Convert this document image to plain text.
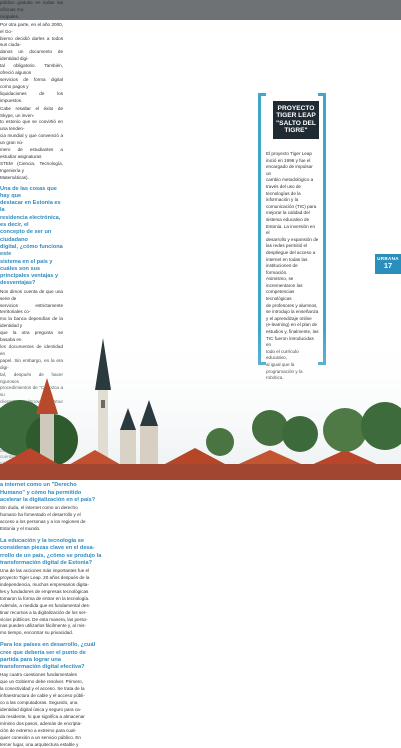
público gratuito en todas las oficinas mu-
nicipales.

Por otra parte, en el año 2000, el Go-
bierno decidió darles a todos sus ciuda-
danos un documento de identidad digi-
tal obligatorio. También, ofreció algunos
servicios de forma digital como pagos y
liquidaciones de los impuestos.

Cabe resaltar el éxito de Skype, un inven-
to estonio que se convirtió en una tenden-
cia mundial y que convenció a un gran nú-
mero de estudiantes a estudiar asignaturas
STEM (Ciencia, Tecnología, Ingeniería y
Matemáticas).

Una de las cosas que hay que
destacar en Estonia es la
residencia electrónica, es decir, el
concepto de ser un ciudadano
digital, ¿cómo funciona este
sistema en el país y cuáles son sus
principales ventajas y
desventajas?

Nos dimos cuenta de que una serie de
servicios estrictamente territoriales co-
mo la banca dependían de la identidad y

a internet como un "Derecho
Humano" y cómo ha permitido
acelerar la digitalización en el país?

Sin duda, el internet como un derecho
humano ha fomentado el desarrollo y el
acceso a los personas y a los regiones de
Estonia y el mundo.

La educación y la tecnología se
consideran piezas clave en el desa-
rrollo de un país, ¿cómo se produjo la
transformación digital de Estonia?

Una de las acciones más importantes fue el
proyecto Tiger Leap. 20 años después de la
independencia, muchos empresarios digita-
les y fundadores de empresas tecnológicas
tomaron la forma de entrar en la tecnología.
Además, a medida que es fundamental des-
tinar recursos a la digitalización de los ser-
vicios públicos. De esta manera, las perso-
nas pueden utilizarlos fácilmente y, al mis-
mo tiempo, encontrar su privacidad.

Para los países en desarrollo, ¿cuál
cree que debería ser el punto de
partida para lograr una
transformación digital efectiva?

Hay cuatro cuestiones fundamentales
que un Gobierno debe resolver. Primero,
la conectividad y el acceso. Se trata de la
infraestructura de cable y el acceso públi-
co a las computadoras. Segundo, una
identidad digital única y seguro para ca-
da residente, lo que significa a almacenar
mínimo dos pasos, además de encripta-
ción de extremo a extremo para cual-
quier conexión a un servicio público. En
tercer lugar, una arquitectura estable y

PROYECTO
TIGER LEAP
"SALTO DEL
TIGRE"
El proyecto Tiger Leap
inició en 1996 y fue el
encargado de impulsar un
cambio metodológico a
través del uso de
tecnologías de la
información y la
comunicación (TIC) para
mejorar la calidad del
sistema educativo de
Estonia. La inversión en el
desarrollo y expansión de
las redes permitió el
despliegue del acceso a
internet en todas las
instituciones de formación.
Asimismo, se
incrementaron las
competencias tecnológicas
de profesores y alumnos,
se introdujo la enseñanza
y el aprendizaje online
(e-learning) en el plan de

URBANA
17
